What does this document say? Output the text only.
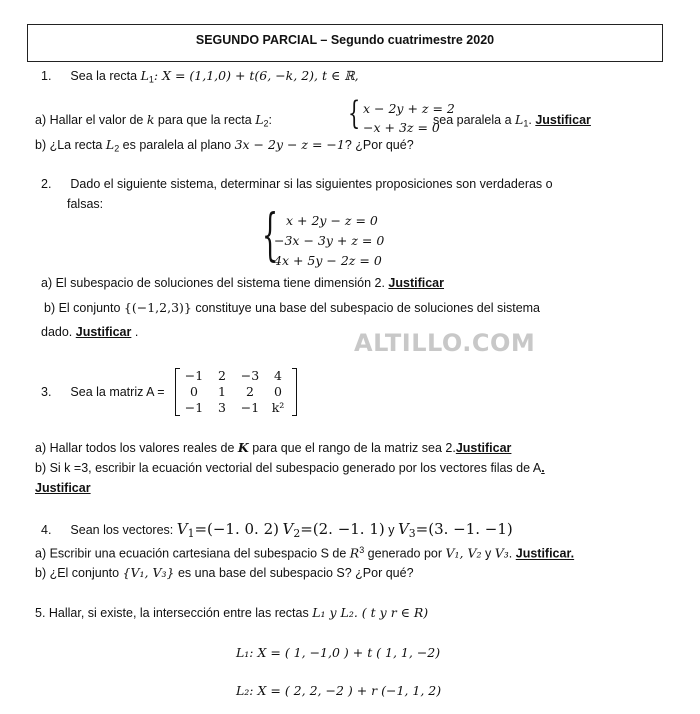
SEGUNDO PARCIAL – Segundo cuatrimestre 2020
1. Sea la recta $L_1$: X = (1,1,0) + t(6, −k, 2), t ∈ ℝ,
a) Hallar el valor de k para que la recta $L_2$: { x − 2y + z = 2
−x + 3z = 0
sea paralela a $L_1$. Justificar
b) ¿La recta $L_2$ es paralela al plano 3x − 2y − z = −1? ¿Por qué?
2. Dado el siguiente sistema, determinar si las siguientes proposiciones son verdaderas o
falsas:	{ x + 2y − z = 0
−3x − 3y + z = 0
4x + 5y − 2z = 0
a) El subespacio de soluciones del sistema tiene dimensión 2. Justificar
b) El conjunto {(−1,2,3)} constituye una base del subespacio de soluciones del sistema
dado. Justificar .	ALTILLO.COM
3. Sea la matriz A =
−1	2	−3	4
0	1	2	0
−1	3	−1 k²
a) Hallar todos los valores reales de K para que el rango de la matriz sea 2.Justificar
b) Si k =3, escribir la ecuación vectorial del subespacio generado por los vectores filas de A.
Justificar
4. Sean los vectores: $V_1=(-1$. 0. 2) $V_2=(2$. −1. 1) y $V_3=(3$. −1. −1)
a) Escribir una ecuación cartesiana del subespacio S de $R^3$ generado por V₁, V₂ y V₃. Justificar.
b) ¿El conjunto {V₁, V₃} es una base del subespacio S? ¿Por qué?
5. Hallar, si existe, la intersección entre las rectas L₁ y L₂. ( t y r ∈ R)
L₁: X = ( 1, −1,0 ) + t ( 1, 1, −2)
L₂: X = ( 2, 2, −2 ) + r (−1, 1, 2)
